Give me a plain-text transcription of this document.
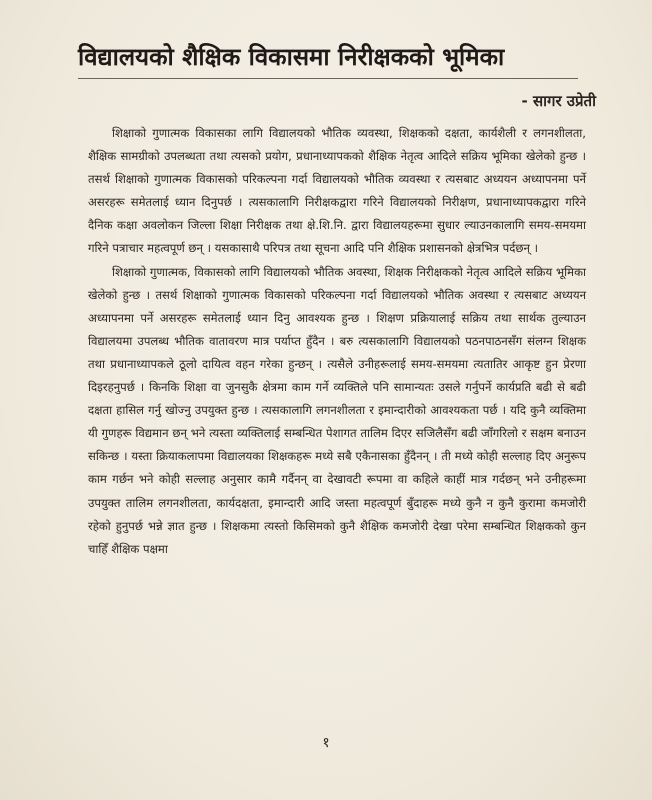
विद्यालयको शैक्षिक विकासमा निरीक्षकको भूमिका
- सागर उप्रेती

शिक्षाको गुणात्मक विकासका लागि विद्यालयको भौतिक व्यवस्था, शिक्षकको दक्षता, कार्यशैली र लगनशीलता, शैक्षिक सामग्रीको उपलब्धता तथा त्यसको प्रयोग, प्रधानाध्यापकको शैक्षिक नेतृत्व आदिले सक्रिय भूमिका खेलेको हुन्छ । तसर्थ शिक्षाको गुणात्मक विकासको परिकल्पना गर्दा विद्यालयको भौतिक व्यवस्था र त्यसबाट अध्ययन अध्यापनमा पर्ने असरहरू समेतलाई ध्यान दिनुपर्छ । त्यसकालागि निरीक्षकद्वारा गरिने विद्यालयको निरीक्षण, प्रधानाध्यापकद्वारा गरिने दैनिक कक्षा अवलोकन जिल्ला शिक्षा निरीक्षक तथा क्षे.शि.नि. द्वारा विद्यालयहरूमा सुधार ल्याउनकालागि समय-समयमा गरिने पत्राचार महत्वपूर्ण छन् । यसकासाथै परिपत्र तथा सूचना आदि पनि शैक्षिक प्रशासनको क्षेत्रभित्र पर्दछन् ।

शिक्षाको गुणात्मक, विकासको लागि विद्यालयको भौतिक अवस्था, शिक्षक निरीक्षकको नेतृत्व आदिले सक्रिय भूमिका खेलेको हुन्छ । तसर्थ शिक्षाको गुणात्मक विकासको परिकल्पना गर्दा विद्यालयको भौतिक अवस्था र त्यसबाट अध्ययन अध्यापनमा पर्ने असरहरू समेतलाई ध्यान दिनु आवश्यक हुन्छ । शिक्षण प्रक्रियालाई सक्रिय तथा सार्थक तुल्याउन विद्यालयमा उपलब्ध भौतिक वातावरण मात्र पर्याप्त हुँदैन । बरु त्यसकालागि विद्यालयको पठनपाठनसँग संलग्न शिक्षक तथा प्रधानाध्यापकले ठूलो दायित्व वहन गरेका हुन्छन् । त्यसैले उनीहरूलाई समय-समयमा त्यतातिर आकृष्ट हुन प्रेरणा दिइरहनुपर्छ । किनकि शिक्षा वा जुनसुकै क्षेत्रमा काम गर्ने व्यक्तिले पनि सामान्यतः उसले गर्नुपर्ने कार्यप्रति बढी से बढी दक्षता हासिल गर्नु खोज्नु उपयुक्त हुन्छ । त्यसकालागि लगनशीलता र इमान्दारीको आवश्यकता पर्छ । यदि कुनै व्यक्तिमा यी गुणहरू विद्यमान छन् भने त्यस्ता व्यक्तिलाई सम्बन्धित पेशागत तालिम दिएर सजिलैसँग बढी जाँगरिलो र सक्षम बनाउन सकिन्छ । यस्ता क्रियाकलापमा विद्यालयका शिक्षकहरू मध्ये सबै एकैनासका हुँदैनन् । ती मध्ये कोही सल्लाह दिए अनुरूप काम गर्छन भने कोही सल्लाह अनुसार कामै गर्दैनन् वा देखावटी रूपमा वा कहिले काहीं मात्र गर्दछन् भने उनीहरूमा उपयुक्त तालिम लगनशीलता, कार्यदक्षता, इमान्दारी आदि जस्ता महत्वपूर्ण बुँदाहरू मध्ये कुनै न कुनै कुरामा कमजोरी रहेको हुनुपर्छ भन्ने ज्ञात हुन्छ । शिक्षकमा त्यस्तो किसिमको कुनै शैक्षिक कमजोरी देखा परेमा सम्बन्धित शिक्षकको कुन चाहिँ शैक्षिक पक्षमा

१
